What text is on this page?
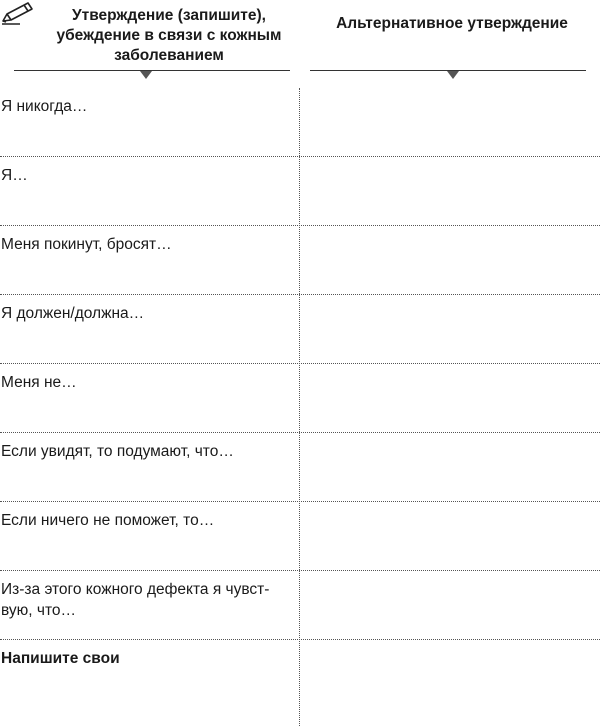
Утверждение (запишите), убеждение в связи с кожным заболеванием
Альтернативное утверждение
Я никогда…
Я…
Меня покинут, бросят…
Я должен/должна…
Меня не…
Если увидят, то подумают, что…
Если ничего не поможет, то…
Из-за этого кожного дефекта я чувст-вую, что…
Напишите свои
